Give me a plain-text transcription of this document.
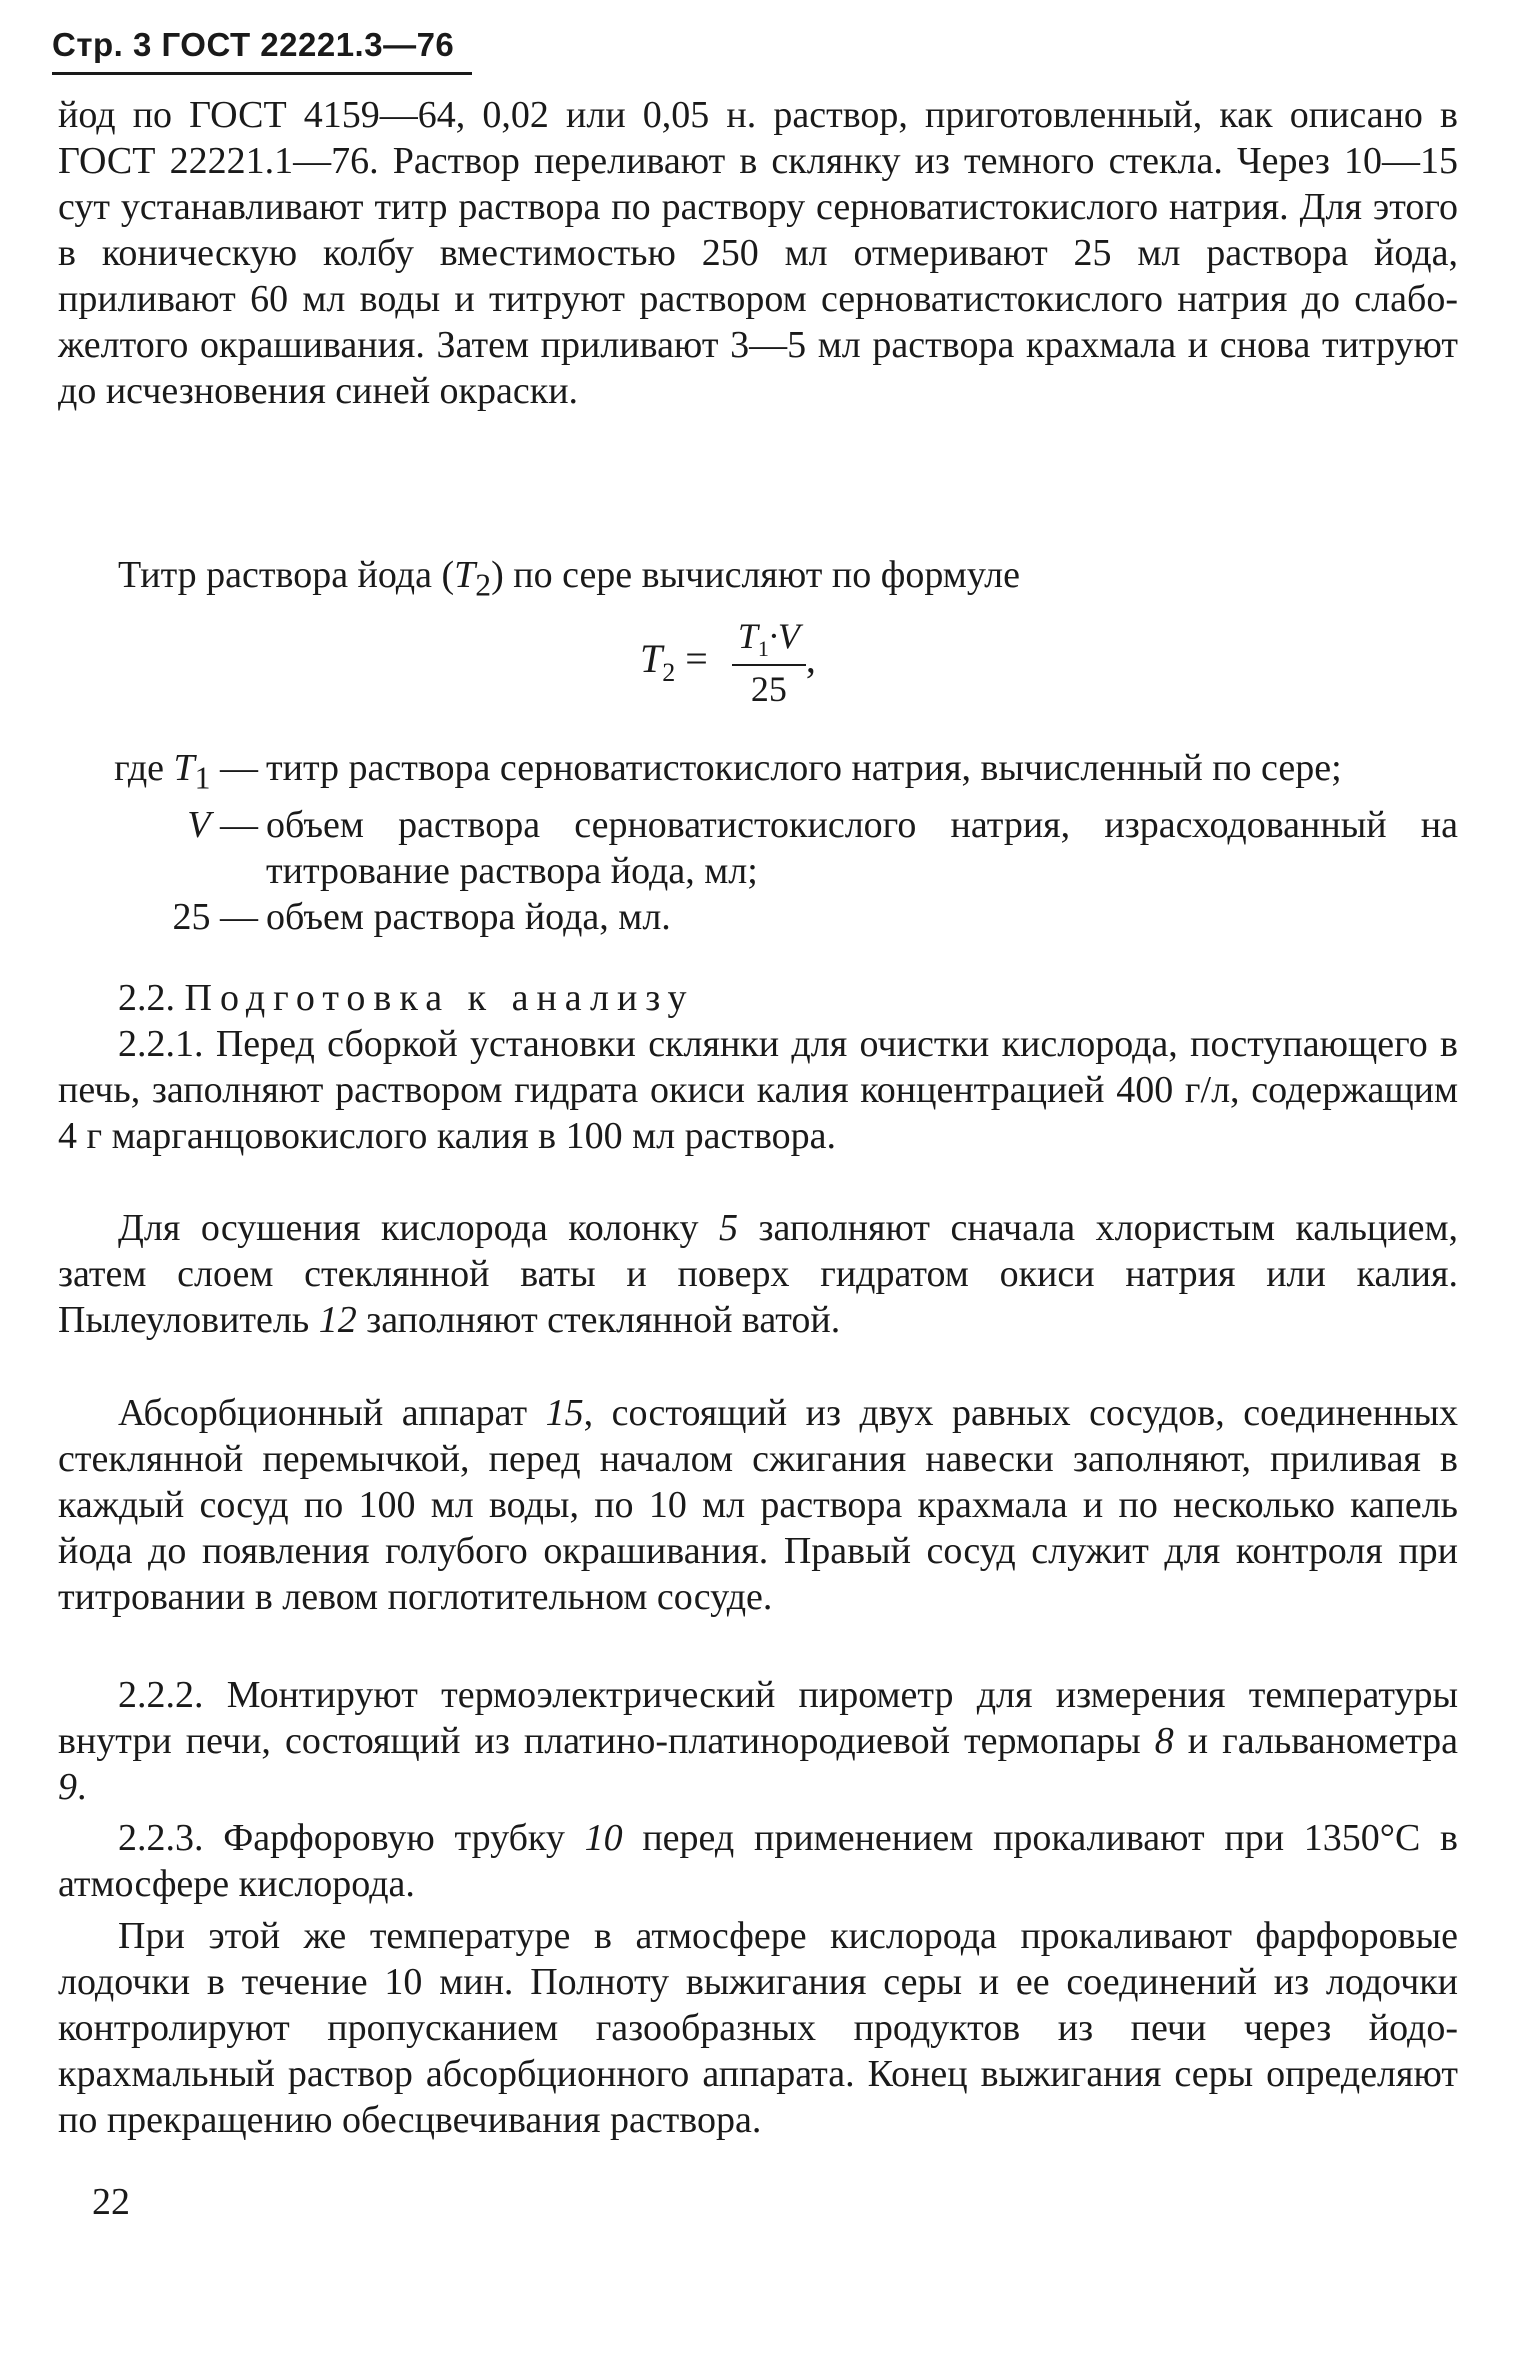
Стр. 3 ГОСТ 22221.3—76

йод по ГОСТ 4159—64, 0,02 или 0,05 н. раствор, приготовленный, как описано в ГОСТ 22221.1—76. Раствор переливают в склянку из темного стекла. Через 10—15 сут устанавливают титр раствора по раствору серноватистокислого натрия. Для этого в коническую колбу вместимостью 250 мл отмеривают 25 мл раствора йода, приливают 60 мл воды и титруют раствором серноватистокислого натрия до слабо-желтого окрашивания. Затем приливают 3—5 мл раствора крахмала и снова титруют до исчезновения синей окраски.

Титр раствора йода $(T_2)$ по сере вычисляют по формуле

$T_2 = \frac{T_1\cdot V}{25}$ ,
где $T_1$ — титр раствора серноватистокислого натрия, вычисленный по сере;
V — объем раствора серноватистокислого натрия, израсходованный на титрование раствора йода, мл;
25 — объем раствора йода, мл.

2.2. Подготовка к анализу

2.2.1. Перед сборкой установки склянки для очистки кислорода, поступающего в печь, заполняют раствором гидрата окиси калия концентрацией 400 г/л, содержащим 4 г марганцовокислого калия в 100 мл раствора.

Для осушения кислорода колонку 5 заполняют сначала хлористым кальцием, затем слоем стеклянной ваты и поверх гидратом окиси натрия или калия. Пылеуловитель 12 заполняют стеклянной ватой.

Абсорбционный аппарат 15, состоящий из двух равных сосудов, соединенных стеклянной перемычкой, перед началом сжигания навески заполняют, приливая в каждый сосуд по 100 мл воды, по 10 мл раствора крахмала и по несколько капель йода до появления голубого окрашивания. Правый сосуд служит для контроля при титровании в левом поглотительном сосуде.

2.2.2. Монтируют термоэлектрический пирометр для измерения температуры внутри печи, состоящий из платино-платинородиевой термопары 8 и гальванометра 9.

2.2.3. Фарфоровую трубку 10 перед применением прокаливают при 1350°С в атмосфере кислорода.

При этой же температуре в атмосфере кислорода прокаливают фарфоровые лодочки в течение 10 мин. Полноту выжигания серы и ее соединений из лодочки контролируют пропусканием газообразных продуктов из печи через йодо-крахмальный раствор абсорбционного аппарата. Конец выжигания серы определяют по прекращению обесцвечивания раствора.

22
